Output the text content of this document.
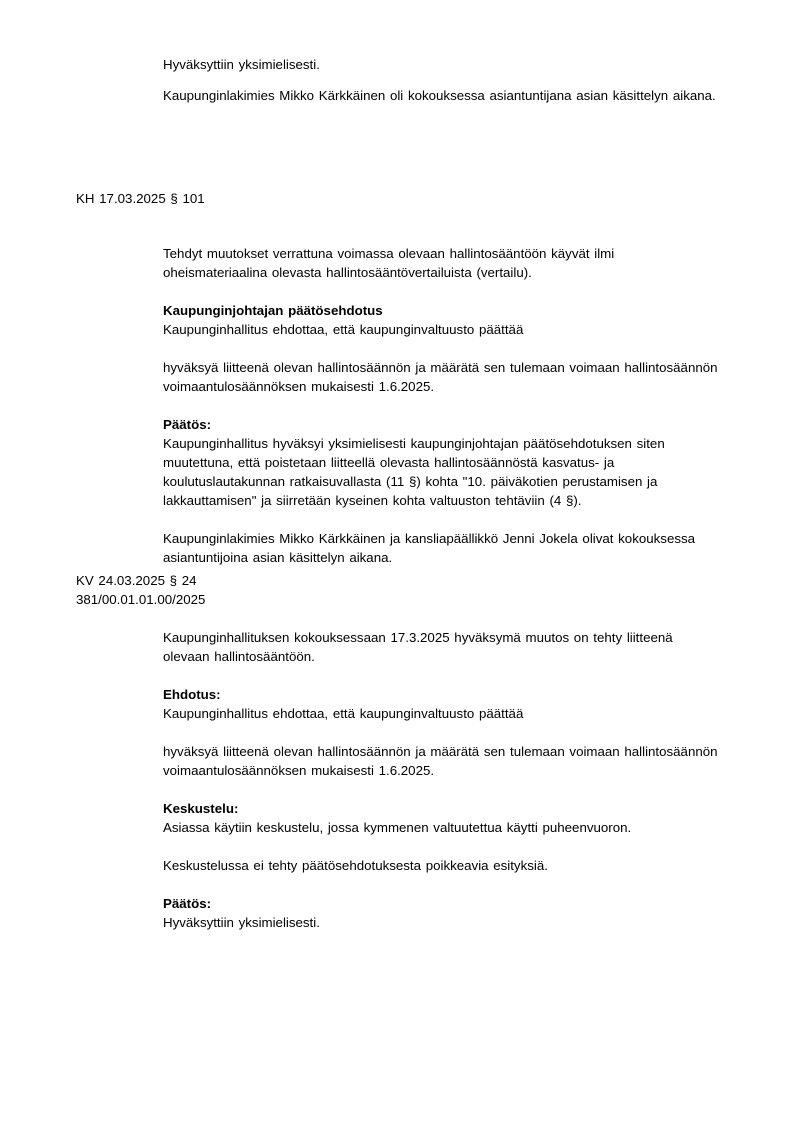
Hyväksyttiin yksimielisesti.

Kaupunginlakimies Mikko Kärkkäinen oli kokouksessa asiantuntijana asian käsittelyn aikana.

KH 17.03.2025 § 101

Tehdyt muutokset verrattuna voimassa olevaan hallintosääntöön käyvät ilmi oheismateriaalina olevasta hallintosääntövertailuista (vertailu).

Kaupunginjohtajan päätösehdotus

Kaupunginhallitus ehdottaa, että kaupunginvaltuusto päättää

hyväksyä liitteenä olevan hallintosäännön ja määrätä sen tulemaan voimaan hallintosäännön voimaantulosäännöksen mukaisesti 1.6.2025.

Päätös:

Kaupunginhallitus hyväksyi yksimielisesti kaupunginjohtajan päätösehdotuksen siten muutettuna, että poistetaan liitteellä olevasta hallintosäännöstä kasvatus- ja koulutuslautakunnan ratkaisuvallasta (11 §) kohta "10. päiväkotien perustamisen ja lakkauttamisen" ja siirretään kyseinen kohta valtuuston tehtäviin (4 §).

Kaupunginlakimies Mikko Kärkkäinen ja kansliapäällikkö Jenni Jokela olivat kokouksessa asiantuntijoina asian käsittelyn aikana.

KV 24.03.2025 § 24

381/00.01.01.00/2025

Kaupunginhallituksen kokouksessaan 17.3.2025 hyväksymä muutos on tehty liitteenä olevaan hallintosääntöön.

Ehdotus:

Kaupunginhallitus ehdottaa, että kaupunginvaltuusto päättää

hyväksyä liitteenä olevan hallintosäännön ja määrätä sen tulemaan voimaan hallintosäännön voimaantulosäännöksen mukaisesti 1.6.2025.

Keskustelu:

Asiassa käytiin keskustelu, jossa kymmenen valtuutettua käytti puheenvuoron.

Keskustelussa ei tehty päätösehdotuksesta poikkeavia esityksiä.

Päätös:

Hyväksyttiin yksimielisesti.
